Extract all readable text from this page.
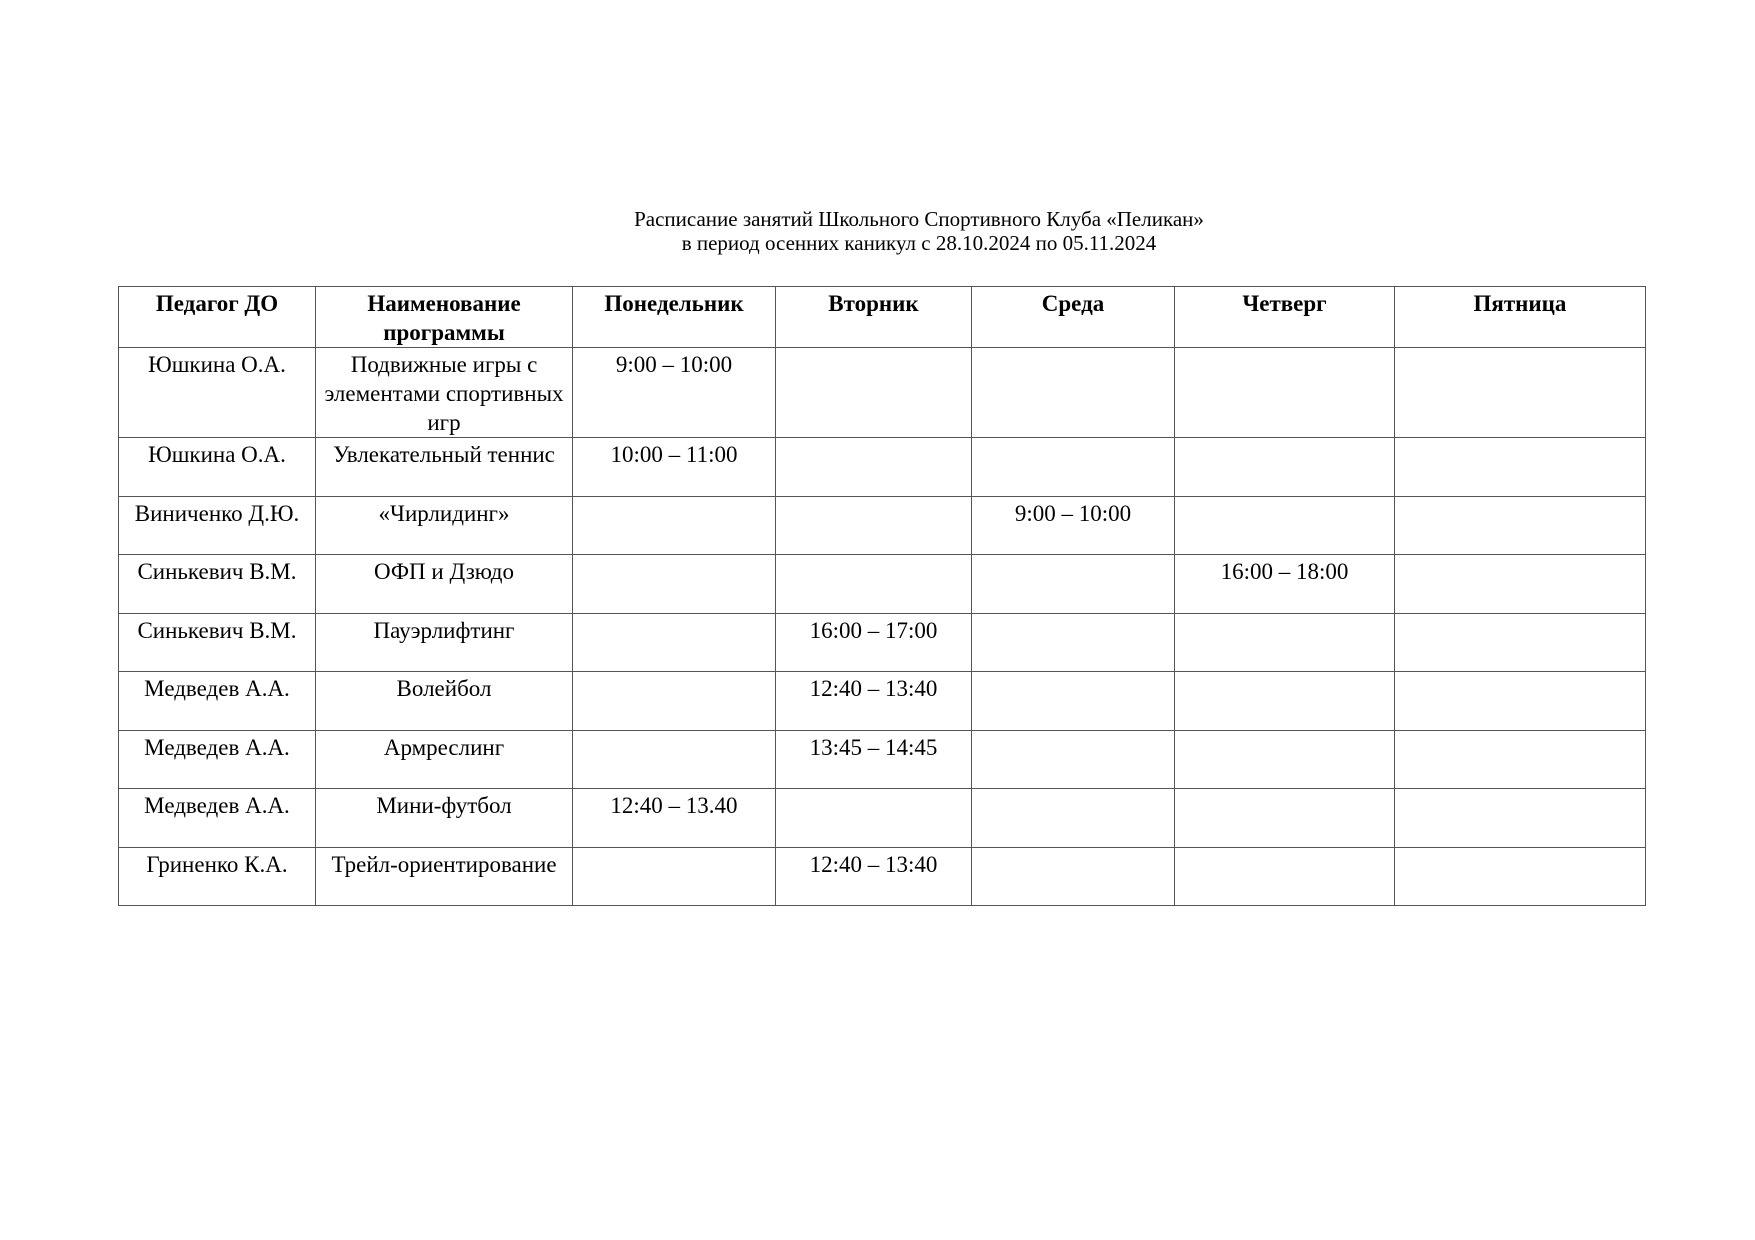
Расписание занятий Школьного Спортивного Клуба «Пеликан»
в период осенних каникул с 28.10.2024 по 05.11.2024
Педагог ДО	Наименование программы	Понедельник	Вторник	Среда	Четверг	Пятница
Юшкина О.А.	Подвижные игры с элементами спортивных игр	9:00 – 10:00				
Юшкина О.А.	Увлекательный теннис	10:00 – 11:00				
Виниченко Д.Ю.	«Чирлидинг»			9:00 – 10:00		
Синькевич В.М.	ОФП и Дзюдо				16:00 – 18:00	
Синькевич В.М.	Пауэрлифтинг		16:00 – 17:00			
Медведев А.А.	Волейбол		12:40 – 13:40			
Медведев А.А.	Армреслинг		13:45 – 14:45			
Медведев А.А.	Мини-футбол	12:40 – 13.40				
Гриненко К.А.	Трейл-ориентирование		12:40 – 13:40			
